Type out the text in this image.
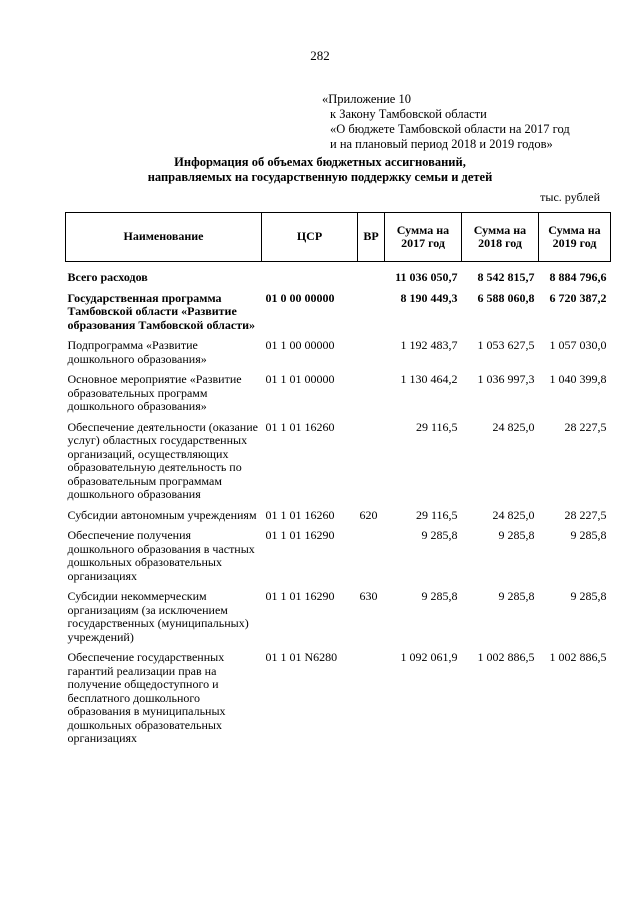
282
«Приложение 10
к Закону Тамбовской области
«О бюджете Тамбовской области на 2017 год
и на плановый период 2018 и 2019 годов»
Информация об объемах бюджетных ассигнований,
направляемых на государственную поддержку семьи и детей
тыс. рублей
Наименование	ЦСР	ВР	Сумма на 2017 год	Сумма на 2018 год	Сумма на 2019 год
Всего расходов			11 036 050,7	8 542 815,7	8 884 796,6
Государственная программа Тамбовской области «Развитие образования Тамбовской области»	01 0 00 00000		8 190 449,3	6 588 060,8	6 720 387,2
Подпрограмма «Развитие дошкольного образования»	01 1 00 00000		1 192 483,7	1 053 627,5	1 057 030,0
Основное мероприятие «Развитие образовательных программ дошкольного образования»	01 1 01 00000		1 130 464,2	1 036 997,3	1 040 399,8
Обеспечение деятельности (оказание услуг) областных государственных организаций, осуществляющих образовательную деятельность по образовательным программам дошкольного образования	01 1 01 16260		29 116,5	24 825,0	28 227,5
Субсидии автономным учреждениям	01 1 01 16260	620	29 116,5	24 825,0	28 227,5
Обеспечение получения дошкольного образования в частных дошкольных образовательных организациях	01 1 01 16290		9 285,8	9 285,8	9 285,8
Субсидии некоммерческим организациям (за исключением государственных (муниципальных) учреждений)	01 1 01 16290	630	9 285,8	9 285,8	9 285,8
Обеспечение государственных гарантий реализации прав на получение общедоступного и бесплатного дошкольного образования в муниципальных дошкольных образовательных организациях	01 1 01 N6280		1 092 061,9	1 002 886,5	1 002 886,5
